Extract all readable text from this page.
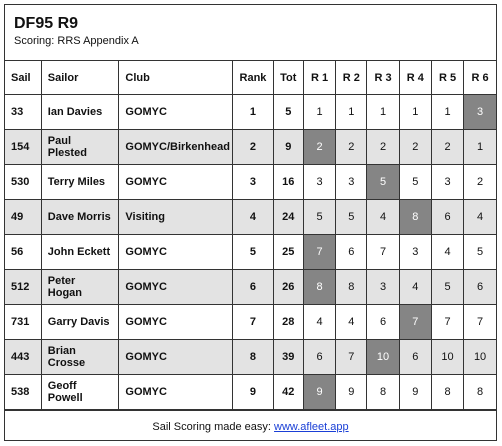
DF95 R9
Scoring: RRS Appendix A
Sail	Sailor	Club	Rank	Tot	R 1	R 2	R 3	R 4	R 5	R 6
33	Ian Davies	GOMYC	1	5	1	1	1	1	1	3
154	Paul Plested	GOMYC/Birkenhead	2	9	2	2	2	2	2	1
530	Terry Miles	GOMYC	3	16	3	3	5	5	3	2
49	Dave Morris	Visiting	4	24	5	5	4	8	6	4
56	John Eckett	GOMYC	5	25	7	6	7	3	4	5
512	Peter Hogan	GOMYC	6	26	8	8	3	4	5	6
731	Garry Davis	GOMYC	7	28	4	4	6	7	7	7
443	Brian Crosse	GOMYC	8	39	6	7	10	6	10	10
538	Geoff Powell	GOMYC	9	42	9	9	8	9	8	8
Sail Scoring made easy: www.afleet.app
